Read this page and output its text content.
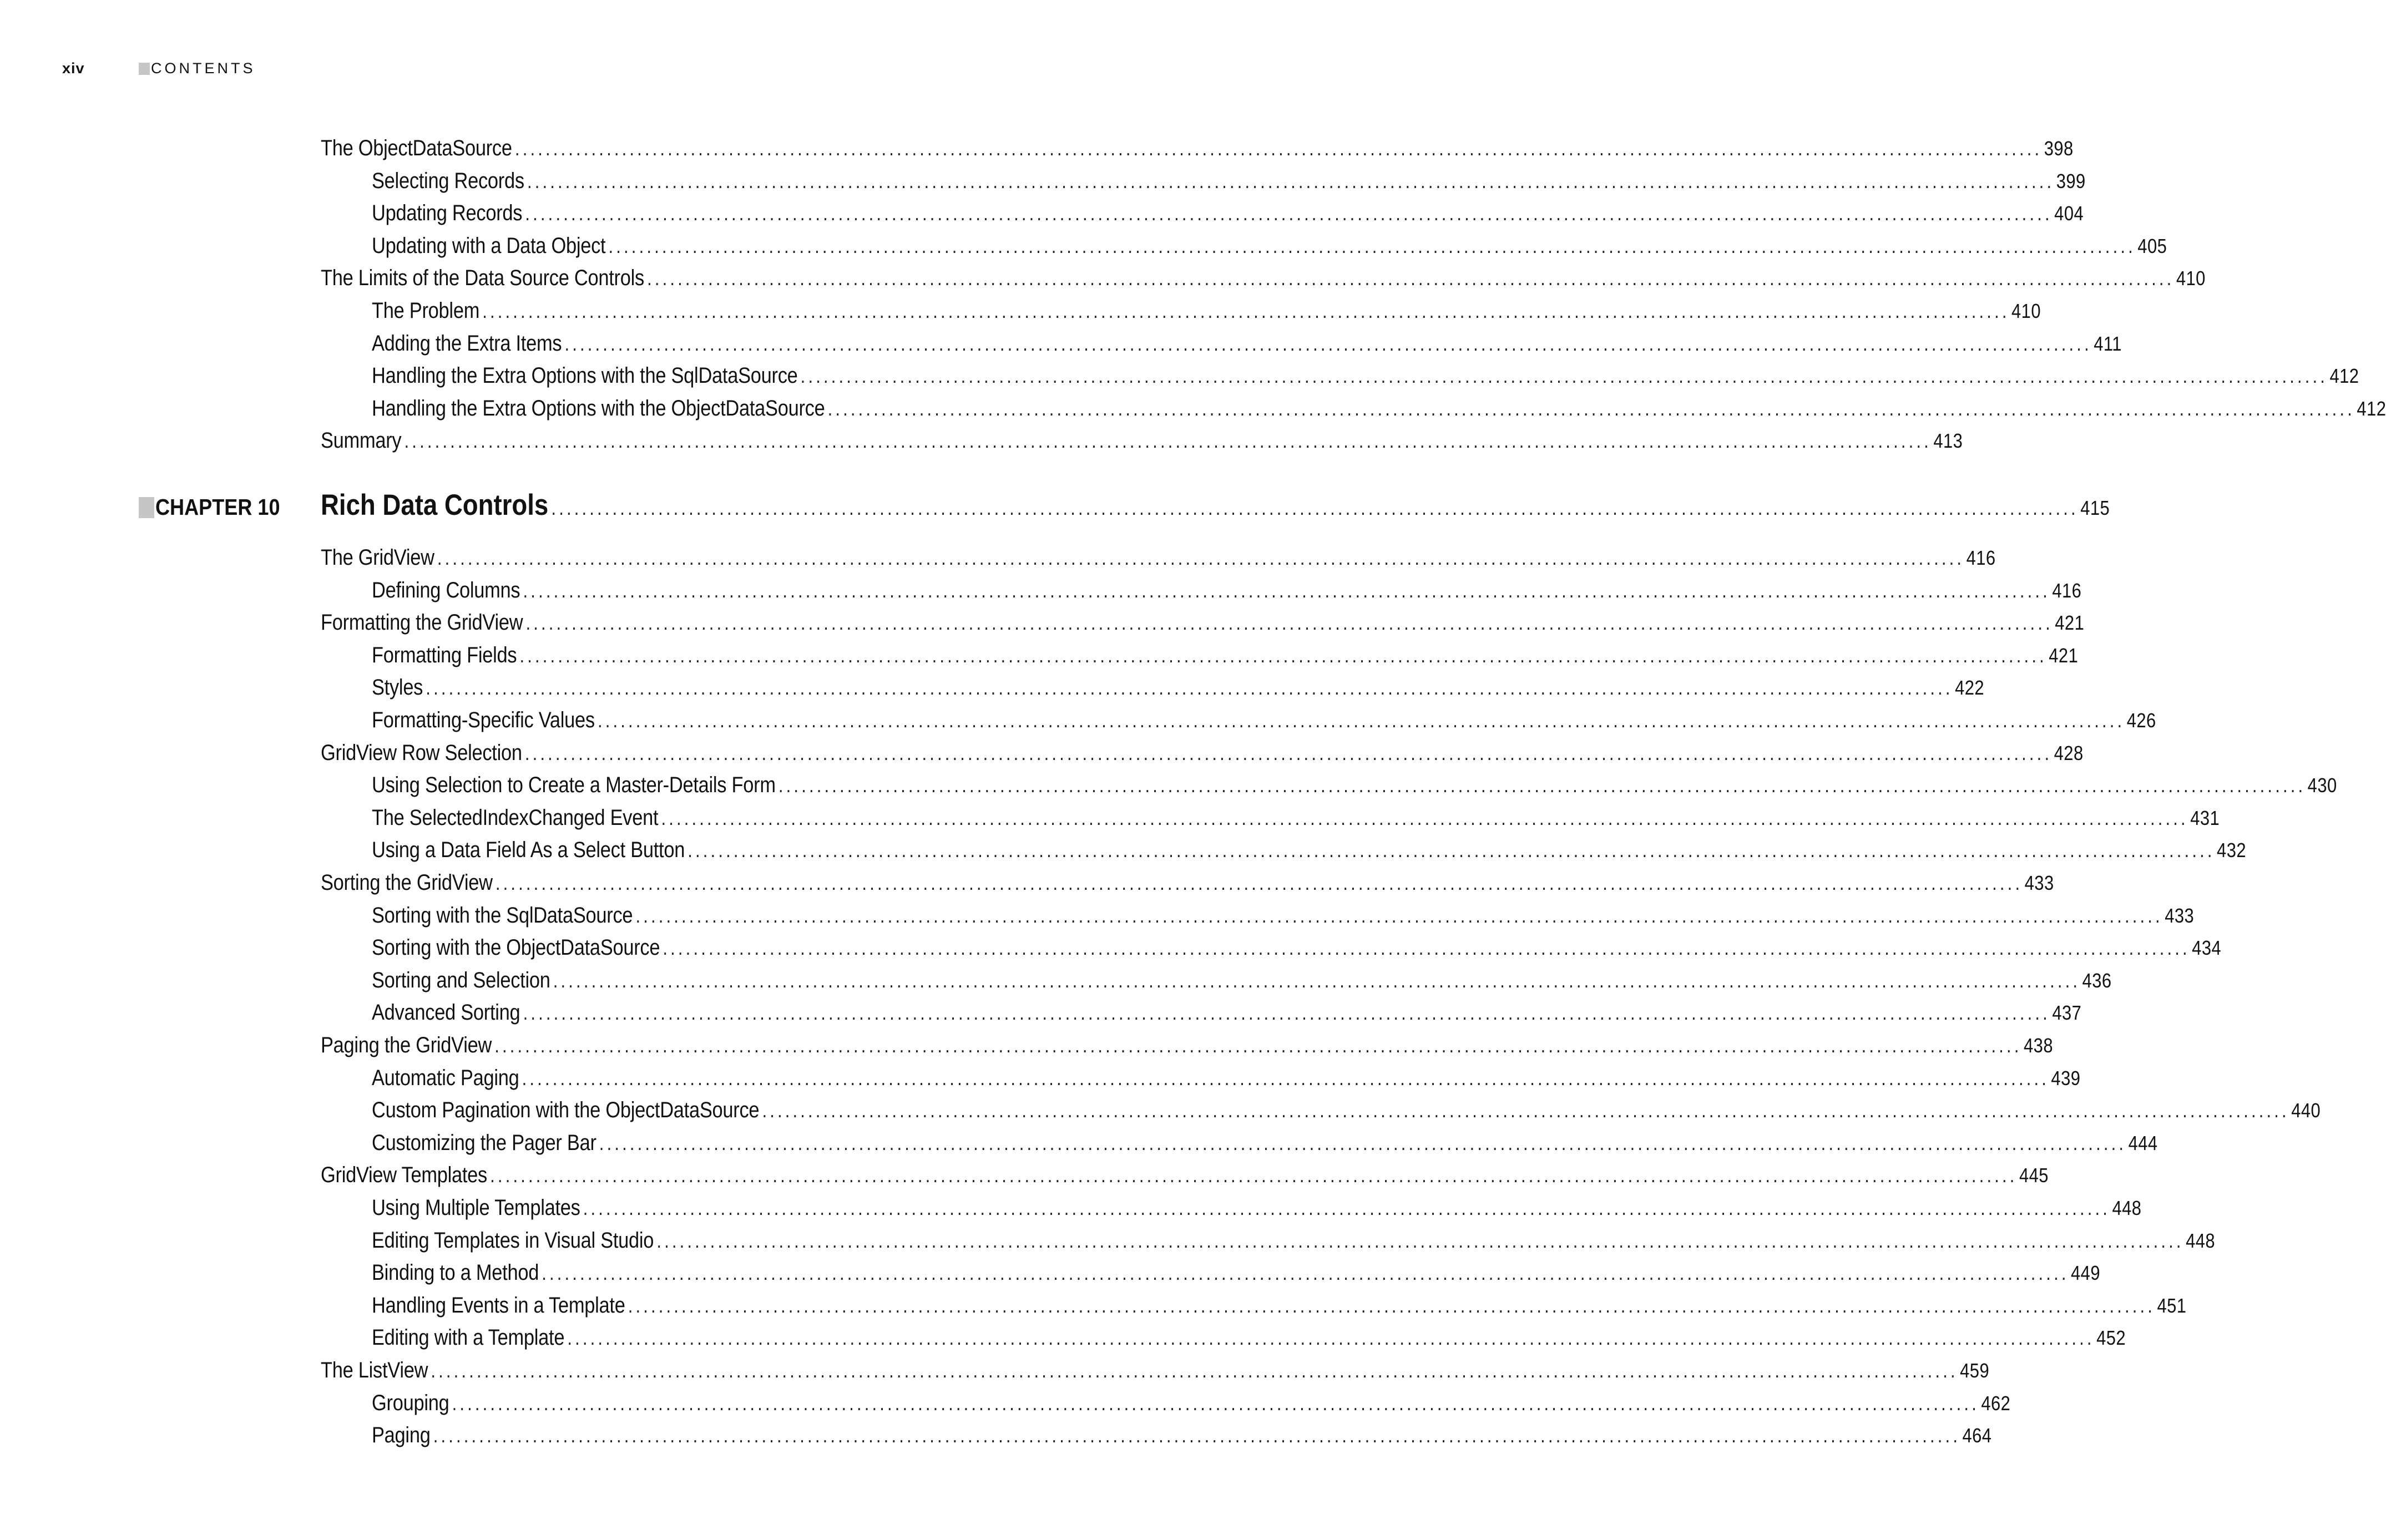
xiv	CONTENTS
The ObjectDataSource ........................................................................................................................................................................................................ 398
Selecting Records ........................................................................................................................................................................................................ 399
Updating Records ........................................................................................................................................................................................................ 404
Updating with a Data Object ........................................................................................................................................................................................................ 405
The Limits of the Data Source Controls ........................................................................................................................................................................................................ 410
The Problem ........................................................................................................................................................................................................ 410
Adding the Extra Items ........................................................................................................................................................................................................ 411
Handling the Extra Options with the SqlDataSource ........................................................................................................................................................................................................ 412
Handling the Extra Options with the ObjectDataSource ........................................................................................................................................................................................................ 412
Summary ........................................................................................................................................................................................................ 413
CHAPTER 10 Rich Data Controls ........................................................................................................................................................................................................ 415
The GridView ........................................................................................................................................................................................................ 416
Defining Columns ........................................................................................................................................................................................................ 416
Formatting the GridView ........................................................................................................................................................................................................ 421
Formatting Fields ........................................................................................................................................................................................................ 421
Styles ........................................................................................................................................................................................................ 422
Formatting-Specific Values ........................................................................................................................................................................................................ 426
GridView Row Selection ........................................................................................................................................................................................................ 428
Using Selection to Create a Master-Details Form ........................................................................................................................................................................................................ 430
The SelectedIndexChanged Event ........................................................................................................................................................................................................ 431
Using a Data Field As a Select Button ........................................................................................................................................................................................................ 432
Sorting the GridView ........................................................................................................................................................................................................ 433
Sorting with the SqlDataSource ........................................................................................................................................................................................................ 433
Sorting with the ObjectDataSource ........................................................................................................................................................................................................ 434
Sorting and Selection ........................................................................................................................................................................................................ 436
Advanced Sorting ........................................................................................................................................................................................................ 437
Paging the GridView ........................................................................................................................................................................................................ 438
Automatic Paging ........................................................................................................................................................................................................ 439
Custom Pagination with the ObjectDataSource ........................................................................................................................................................................................................ 440
Customizing the Pager Bar ........................................................................................................................................................................................................ 444
GridView Templates ........................................................................................................................................................................................................ 445
Using Multiple Templates ........................................................................................................................................................................................................ 448
Editing Templates in Visual Studio ........................................................................................................................................................................................................ 448
Binding to a Method ........................................................................................................................................................................................................ 449
Handling Events in a Template ........................................................................................................................................................................................................ 451
Editing with a Template ........................................................................................................................................................................................................ 452
The ListView ........................................................................................................................................................................................................ 459
Grouping ........................................................................................................................................................................................................ 462
Paging ........................................................................................................................................................................................................ 464
